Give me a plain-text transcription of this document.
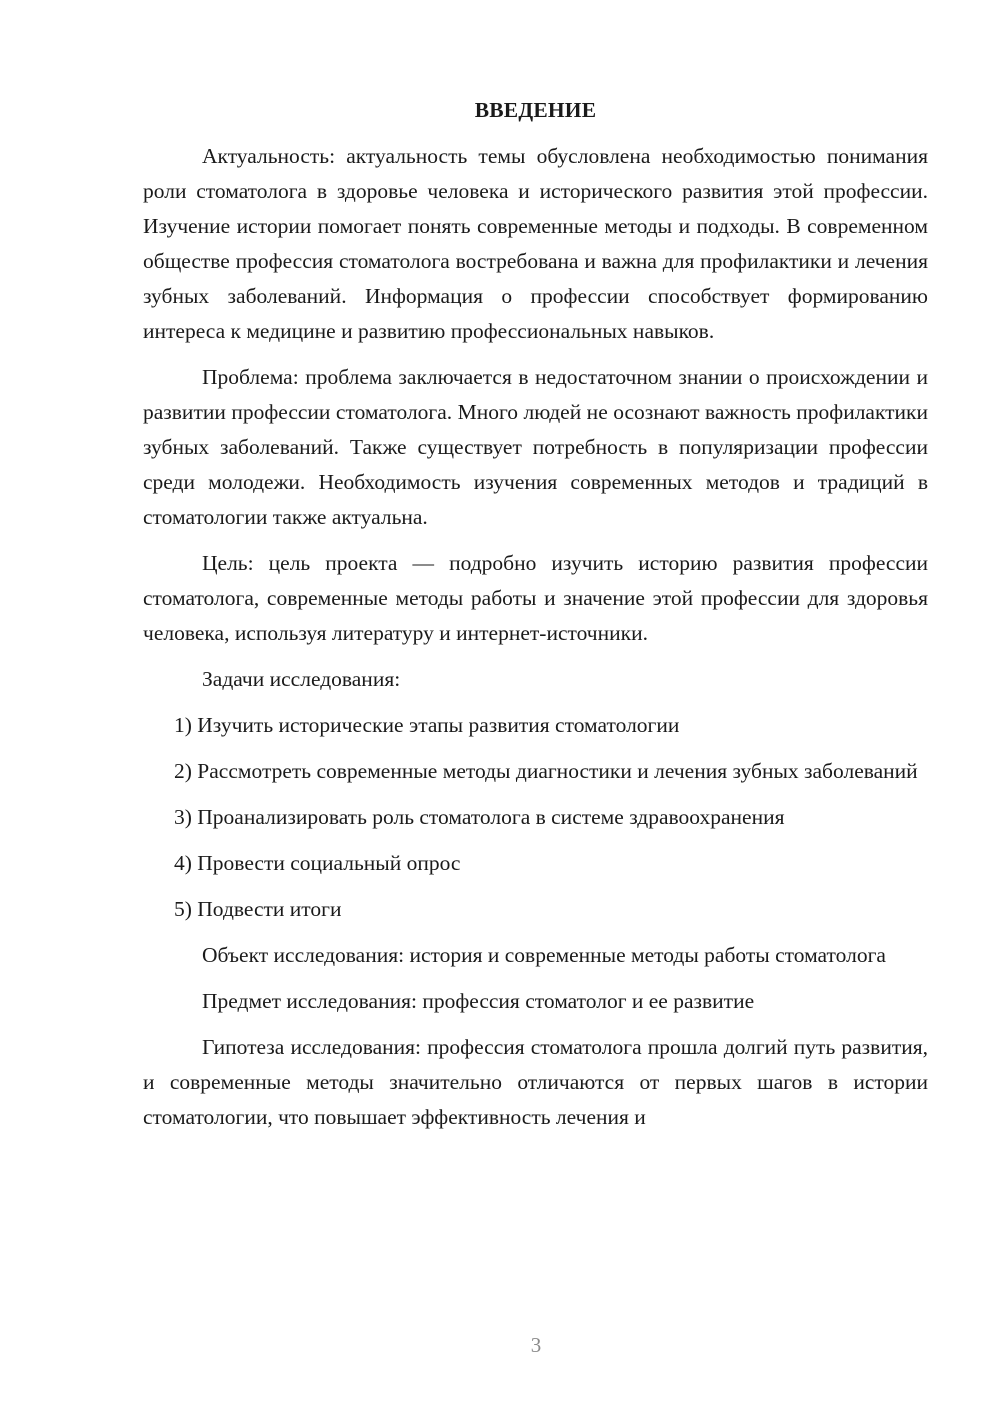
ВВЕДЕНИЕ

Актуальность: актуальность темы обусловлена необходимостью понимания роли стоматолога в здоровье человека и исторического развития этой профессии. Изучение истории помогает понять современные методы и подходы. В современном обществе профессия стоматолога востребована и важна для профилактики и лечения зубных заболеваний. Информация о профессии способствует формированию интереса к медицине и развитию профессиональных навыков.

Проблема: проблема заключается в недостаточном знании о происхождении и развитии профессии стоматолога. Много людей не осознают важность профилактики зубных заболеваний. Также существует потребность в популяризации профессии среди молодежи. Необходимость изучения современных методов и традиций в стоматологии также актуальна.

Цель: цель проекта — подробно изучить историю развития профессии стоматолога, современные методы работы и значение этой профессии для здоровья человека, используя литературу и интернет-источники.

Задачи исследования:

1) Изучить исторические этапы развития стоматологии

2) Рассмотреть современные методы диагностики и лечения зубных заболеваний

3) Проанализировать роль стоматолога в системе здравоохранения

4) Провести социальный опрос

5) Подвести итоги

Объект исследования: история и современные методы работы стоматолога

Предмет исследования: профессия стоматолог и ее развитие

Гипотеза исследования: профессия стоматолога прошла долгий путь развития, и современные методы значительно отличаются от первых шагов в истории стоматологии, что повышает эффективность лечения и

3
